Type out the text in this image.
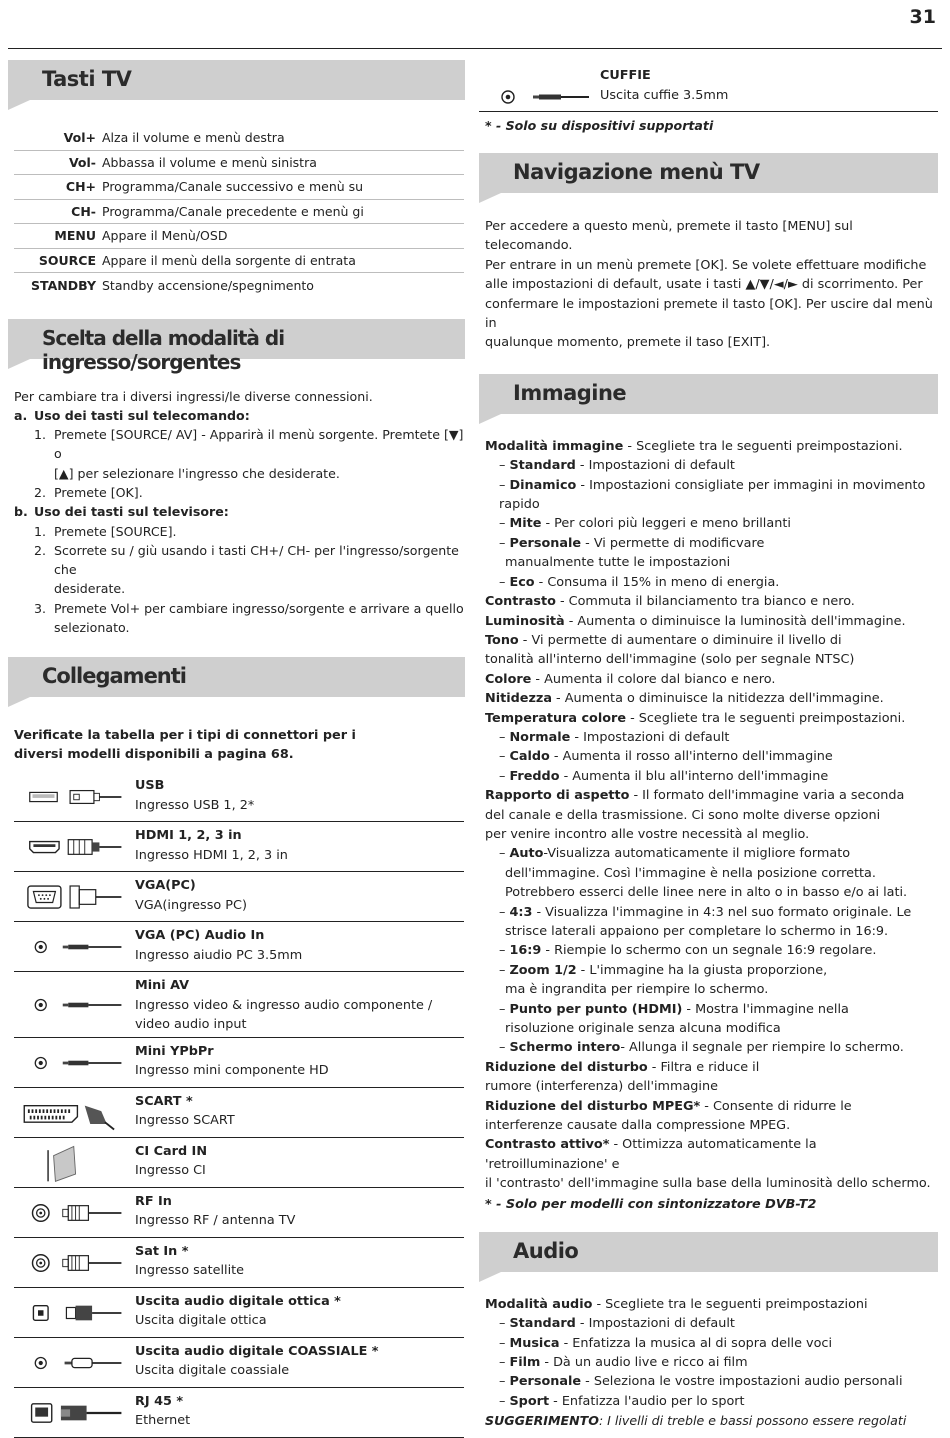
31
Tasti TV
Vol+ Alza il volume e menù destra
Vol- Abbassa il volume e menù sinistra
CH+ Programma/Canale successivo e menù su
CH- Programma/Canale precedente e menù gi
MENU Appare il Menù/OSD
SOURCE Appare il menù della sorgente di entrata
STANDBY Standby accensione/spegnimento
Scelta della modalità di ingresso/sorgentes

Per cambiare tra i diversi ingressi/le diverse connessioni.

a. Uso dei tasti sul telecomando:
1. Premete [SOURCE/ AV] - Apparirà il menù sorgente. Premtete [▼] o
[▲] per selezionare l'ingresso che desiderate.
2. Premete [OK].
b. Uso dei tasti sul televisore:
1. Premete [SOURCE].
2. Scorrete su / giù usando i tasti CH+/ CH- per l'ingresso/sorgente che
desiderate.
3. Premete Vol+ per cambiare ingresso/sorgente e arrivare a quello
selezionato.
Collegamenti
Verificate la tabella per i tipi di connettori per i
diversi modelli disponibili a pagina 68.
USB
Ingresso USB 1, 2*
HDMI 1, 2, 3 in
Ingresso HDMI 1, 2, 3 in
VGA(PC)
VGA(ingresso PC)
VGA (PC) Audio In
Ingresso aiudio PC 3.5mm
Mini AV
Ingresso video & ingresso audio componente / video audio input
Mini YPbPr
Ingresso mini componente HD
SCART *
Ingresso SCART
CI Card IN
Ingresso CI
RF In
Ingresso RF / antenna TV
Sat In *
Ingresso satellite
Uscita audio digitale ottica *
Uscita digitale ottica
Uscita audio digitale COASSIALE *
Uscita digitale coassiale
RJ 45 *
Ethernet
CUFFIE
Uscita cuffie 3.5mm
* - Solo su dispositivi supportati
Navigazione menù TV
Per accedere a questo menù, premete il tasto [MENU] sul telecomando.
Per entrare in un menù premete [OK]. Se volete effettuare modifiche
alle impostazioni di default, usate i tasti ▲/▼/◄/► di scorrimento. Per
confermare le impostazioni premete il tasto [OK]. Per uscire dal menù in
qualunque momento, premete il taso [EXIT].
Immagine
Modalità immagine - Scegliete tra le seguenti preimpostazioni.
– Standard - Impostazioni di default
– Dinamico - Impostazioni consigliate per immagini in movimento rapido
– Mite - Per colori più leggeri e meno brillanti
– Personale - Vi permette di modificvare
manualmente tutte le impostazioni
– Eco - Consuma il 15% in meno di energia.
Contrasto - Commuta il bilanciamento tra bianco e nero.
Luminosità - Aumenta o diminuisce la luminosità dell'immagine.
Tono - Vi permette di aumentare o diminuire il livello di
tonalità all'interno dell'immagine (solo per segnale NTSC)
Colore - Aumenta il colore dal bianco e nero.
Nitidezza - Aumenta o diminuisce la nitidezza dell'immagine.
Temperatura colore - Scegliete tra le seguenti preimpostazioni.
– Normale - Impostazioni di default
– Caldo - Aumenta il rosso all'interno dell'immagine
– Freddo - Aumenta il blu all'interno dell'immagine
Rapporto di aspetto - Il formato dell'immagine varia a seconda
del canale e della trasmissione. Ci sono molte diverse opzioni
per venire incontro alle vostre necessità al meglio.
– Auto-Visualizza automaticamente il migliore formato
dell'immagine. Così l'immagine è nella posizione corretta.
Potrebbero esserci delle linee nere in alto o in basso e/o ai lati.
– 4:3 - Visualizza l'immagine in 4:3 nel suo formato originale. Le
strisce laterali appaiono per completare lo schermo in 16:9.
– 16:9 - Riempie lo schermo con un segnale 16:9 regolare.
– Zoom 1/2 - L'immagine ha la giusta proporzione,
ma è ingrandita per riempire lo schermo.
– Punto per punto (HDMI) - Mostra l'immagine nella
risoluzione originale senza alcuna modifica
– Schermo intero- Allunga il segnale per riempire lo schermo.
Riduzione del disturbo - Filtra e riduce il
rumore (interferenza) dell'immagine
Riduzione del disturbo MPEG* - Consente di ridurre le
interferenze causate dalla compressione MPEG.
Contrasto attivo* - Ottimizza automaticamente la 'retroilluminazione' e
il 'contrasto' dell'immagine sulla base della luminosità dello schermo.
* - Solo per modelli con sintonizzatore DVB-T2
Audio
Modalità audio - Scegliete tra le seguenti preimpostazioni
– Standard - Impostazioni di default
– Musica - Enfatizza la musica al di sopra delle voci
– Film - Dà un audio live e ricco ai film
– Personale - Seleziona le vostre impostazioni audio personali
– Sport - Enfatizza l'audio per lo sport
SUGGERIMENTO: I livelli di treble e bassi possono essere regolati
